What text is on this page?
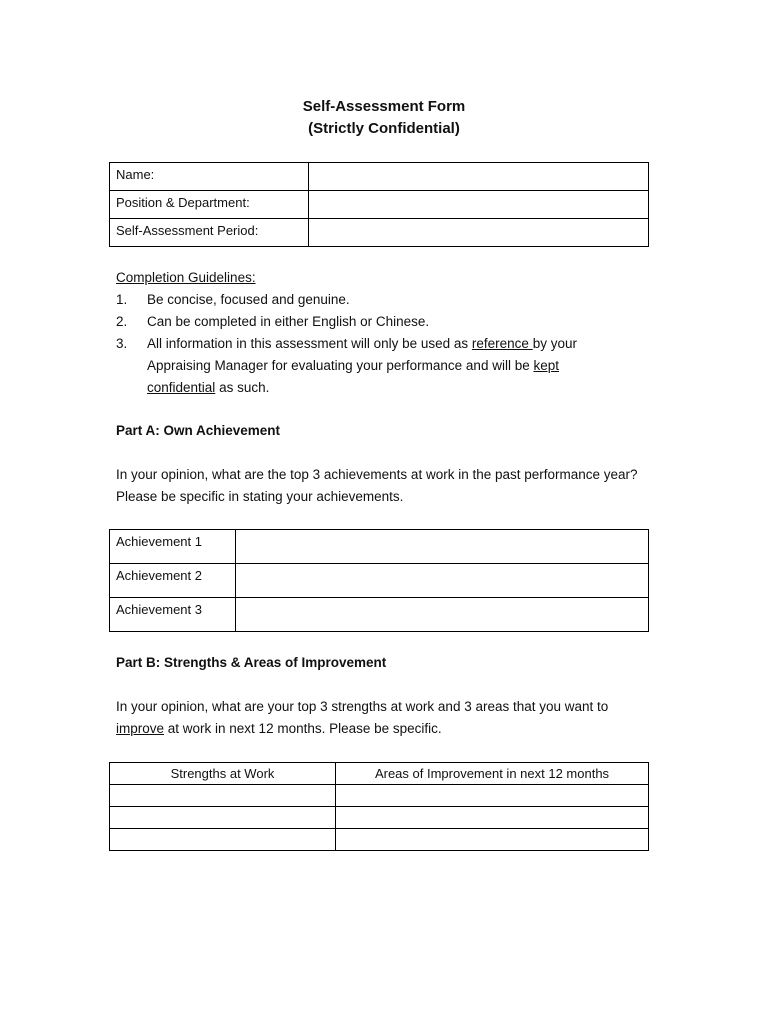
Self-Assessment Form
(Strictly Confidential)
Name:	
Position & Department:	
Self-Assessment Period:	
Completion Guidelines:
1. Be concise, focused and genuine.
2. Can be completed in either English or Chinese.
3. All information in this assessment will only be used as reference by your Appraising Manager for evaluating your performance and will be kept confidential as such.
Part A: Own Achievement
In your opinion, what are the top 3 achievements at work in the past performance year? Please be specific in stating your achievements.
Achievement 1	
Achievement 2	
Achievement 3	
Part B: Strengths & Areas of Improvement
In your opinion, what are your top 3 strengths at work and 3 areas that you want to improve at work in next 12 months. Please be specific.
Strengths at Work	Areas of Improvement in next 12 months
